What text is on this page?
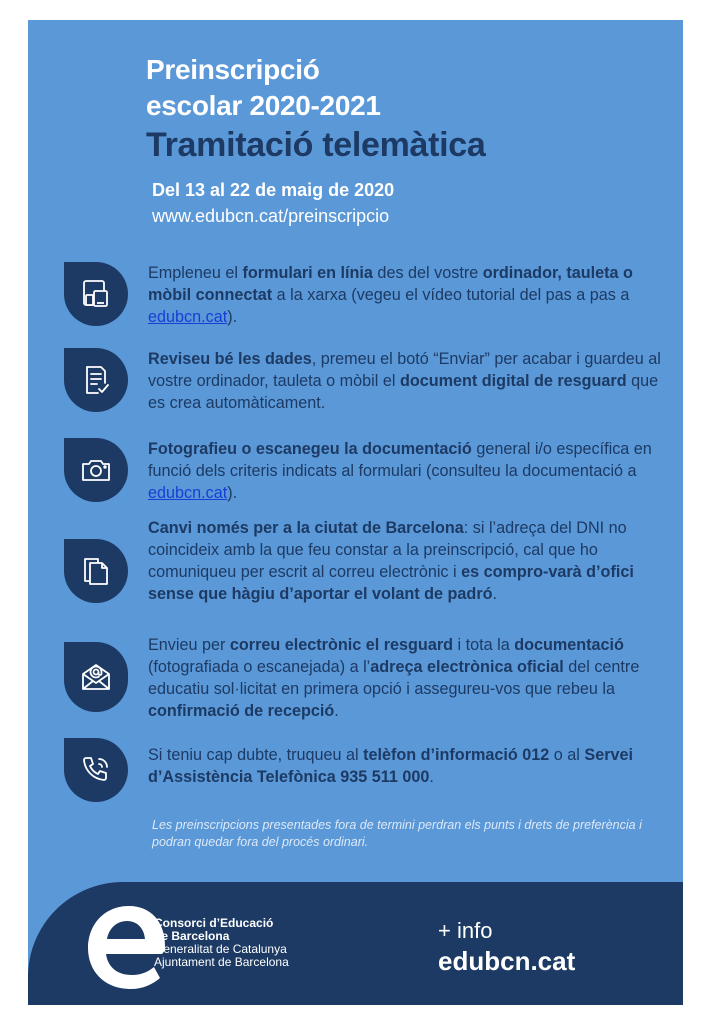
Preinscripció
escolar 2020-2021
Tramitació telemàtica
Del 13 al 22 de maig de 2020
www.edubcn.cat/preinscripcio
Empleneu el formulari en línia des del vostre ordinador, tauleta o mòbil connectat a la xarxa (vegeu el vídeo tutorial del pas a pas a edubcn.cat).
Reviseu bé les dades, premeu el botó “Enviar” per acabar i guardeu al vostre ordinador, tauleta o mòbil el document digital de resguard que es crea automàticament.
Fotografieu o escanegeu la documentació general i/o específica en funció dels criteris indicats al formulari (consulteu la documentació a edubcn.cat).
Canvi només per a la ciutat de Barcelona: si l’adreça del DNI no coincideix amb la que feu constar a la preinscripció, cal que ho comuniqueu per escrit al correu electrònic i es compro-varà d’ofici sense que hàgiu d’aportar el volant de padró.
Envieu per correu electrònic el resguard i tota la documentació (fotografiada o escanejada) a l’adreça electrònica oficial del centre educatiu sol·licitat en primera opció i assegureu-vos que rebeu la confirmació de recepció.
Si teniu cap dubte, truqueu al telèfon d’informació 012 o al Servei d’Assistència Telefònica 935 511 000.
Les preinscripcions presentades fora de termini perdran els punts i drets de preferència i podran quedar fora del procés ordinari.
Consorci d’Educació
de Barcelona
Generalitat de Catalunya
Ajuntament de Barcelona
+ info
edubcn.cat
